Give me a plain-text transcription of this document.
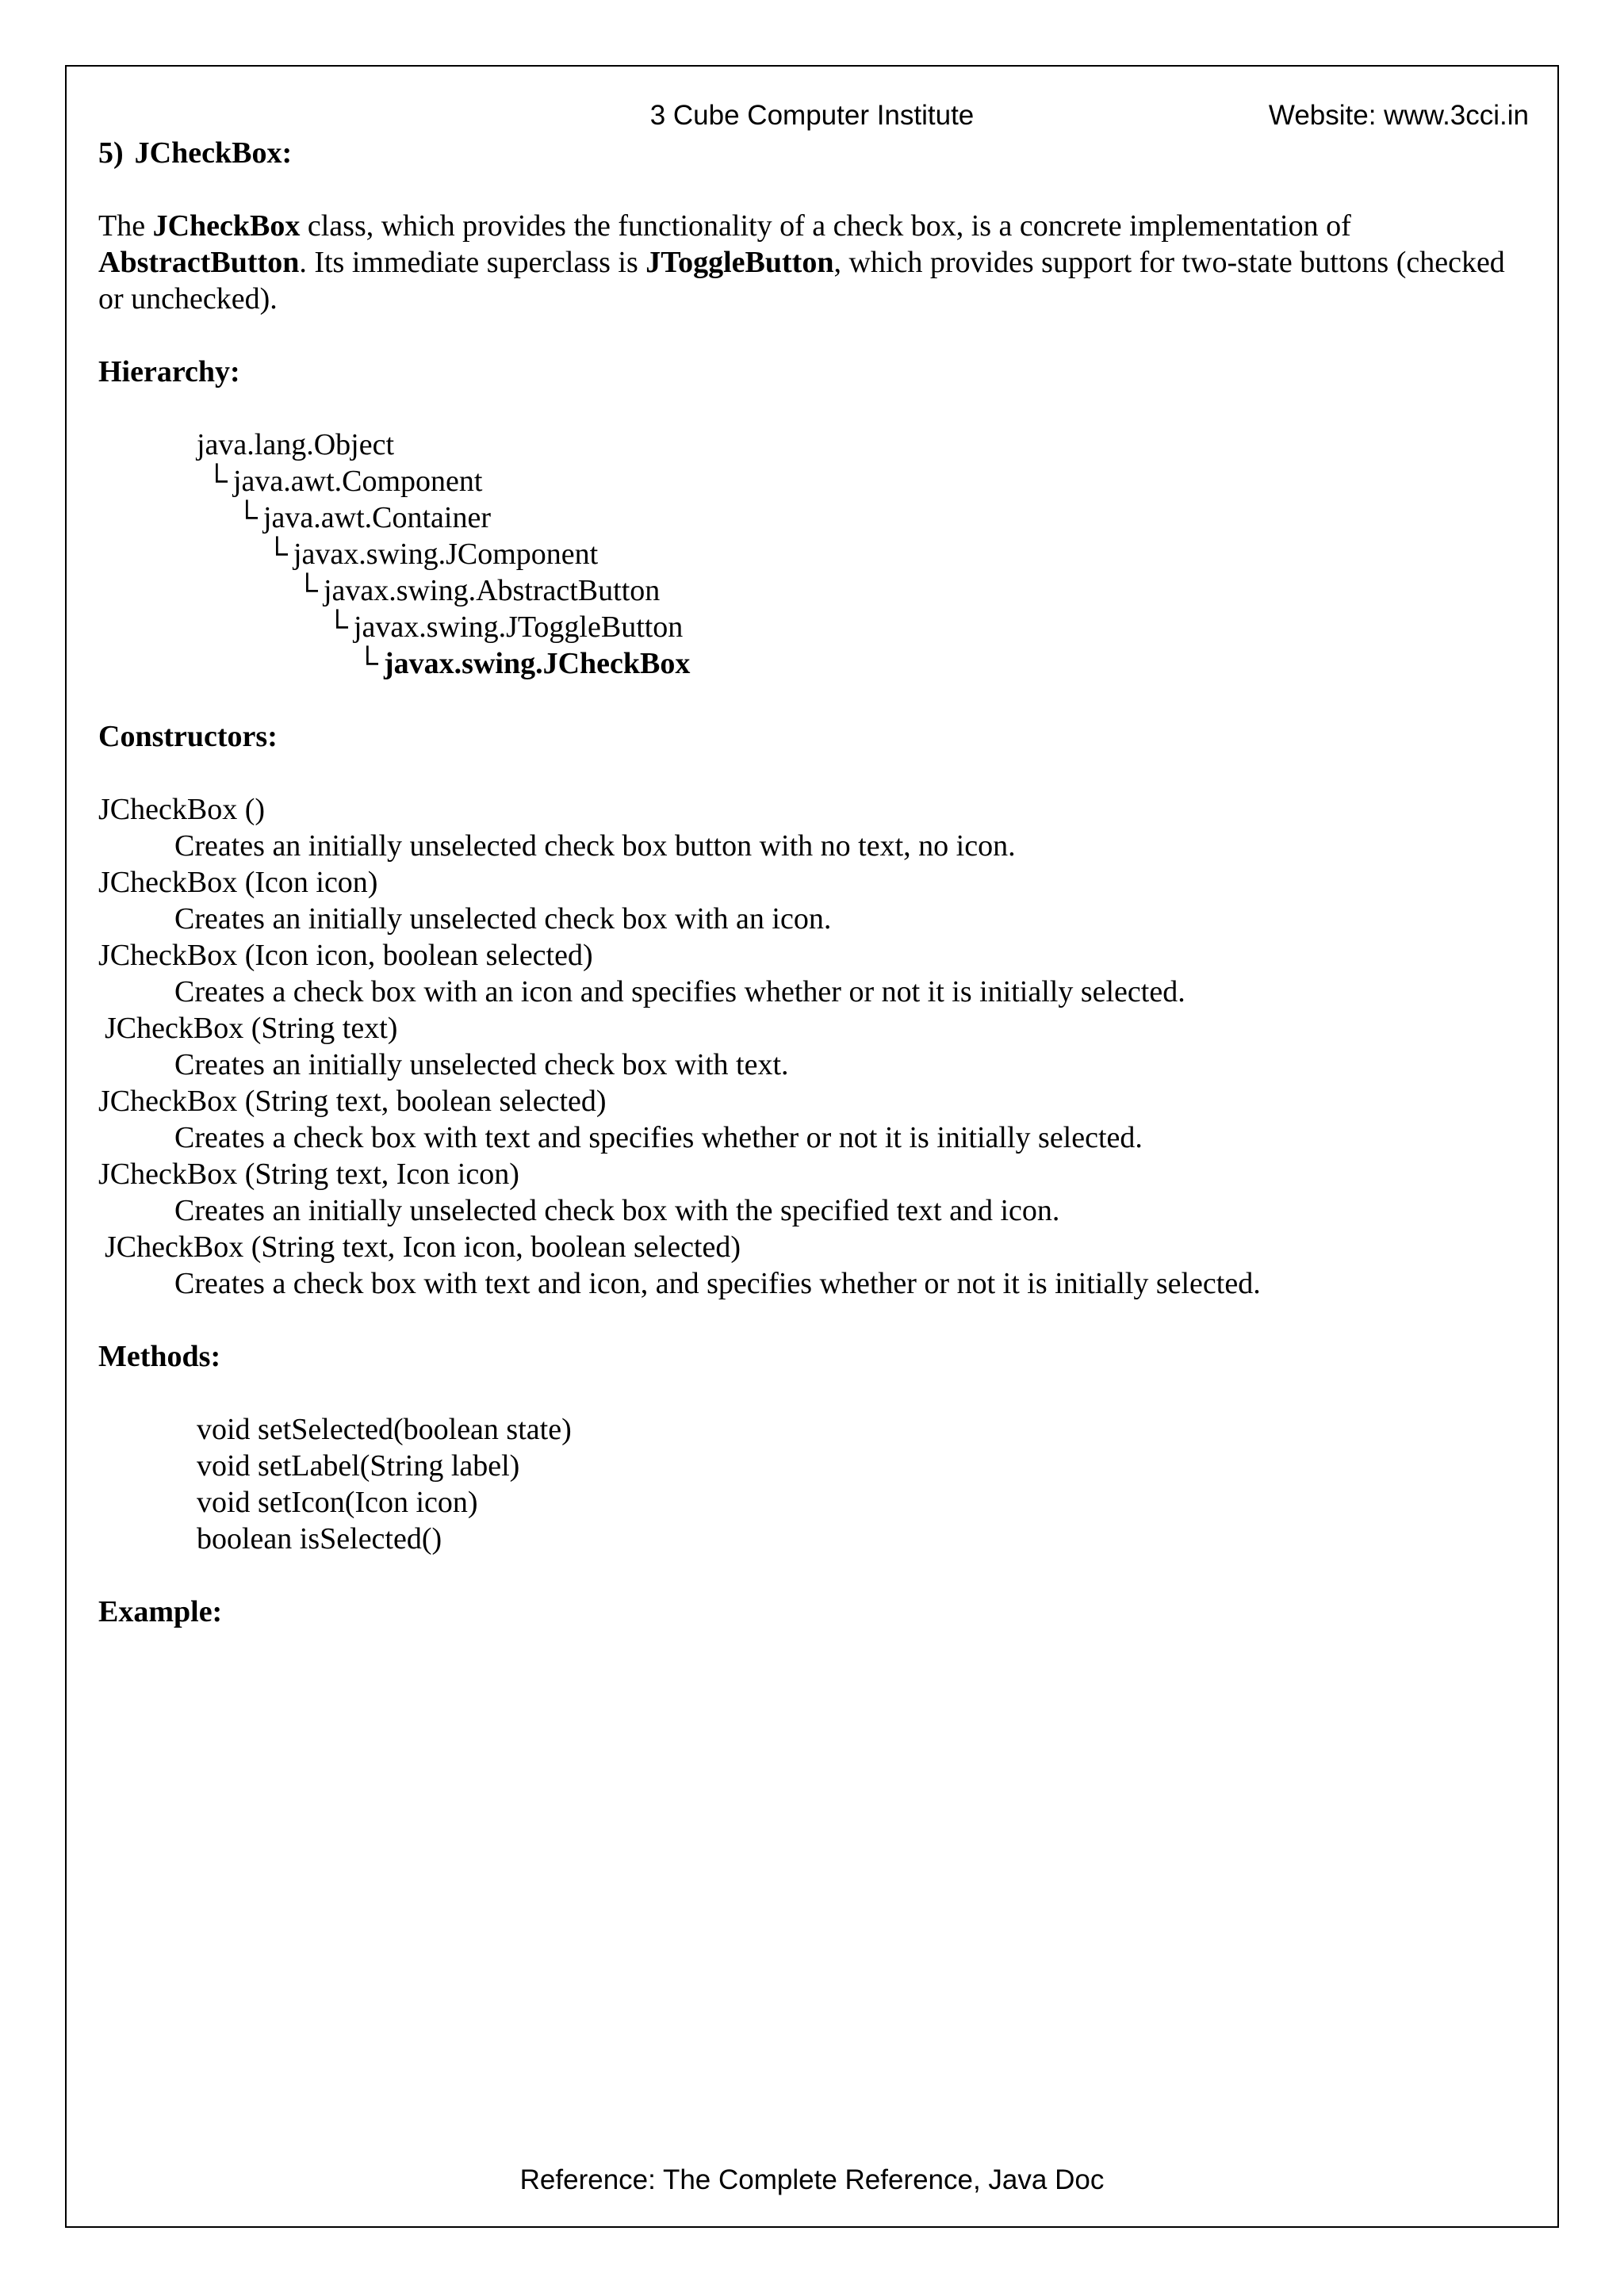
3 Cube Computer Institute	Website: www.3cci.in

5) JCheckBox:

The JCheckBox class, which provides the functionality of a check box, is a concrete implementation of AbstractButton. Its immediate superclass is JToggleButton, which provides support for two-state buttons (checked or unchecked).

Hierarchy:

java.lang.Object
└ java.awt.Component
└ java.awt.Container
└ javax.swing.JComponent
└ javax.swing.AbstractButton
└ javax.swing.JToggleButton
└ javax.swing.JCheckBox

Constructors:

JCheckBox ()

Creates an initially unselected check box button with no text, no icon.

JCheckBox (Icon icon)

Creates an initially unselected check box with an icon.

JCheckBox (Icon icon, boolean selected)

Creates a check box with an icon and specifies whether or not it is initially selected.

JCheckBox (String text)

Creates an initially unselected check box with text.

JCheckBox (String text, boolean selected)

Creates a check box with text and specifies whether or not it is initially selected.

JCheckBox (String text, Icon icon)

Creates an initially unselected check box with the specified text and icon.

JCheckBox (String text, Icon icon, boolean selected)

Creates a check box with text and icon, and specifies whether or not it is initially selected.

Methods:

void setSelected(boolean state)
void setLabel(String label)
void setIcon(Icon icon)
boolean isSelected()

Example:

Reference: The Complete Reference, Java Doc
